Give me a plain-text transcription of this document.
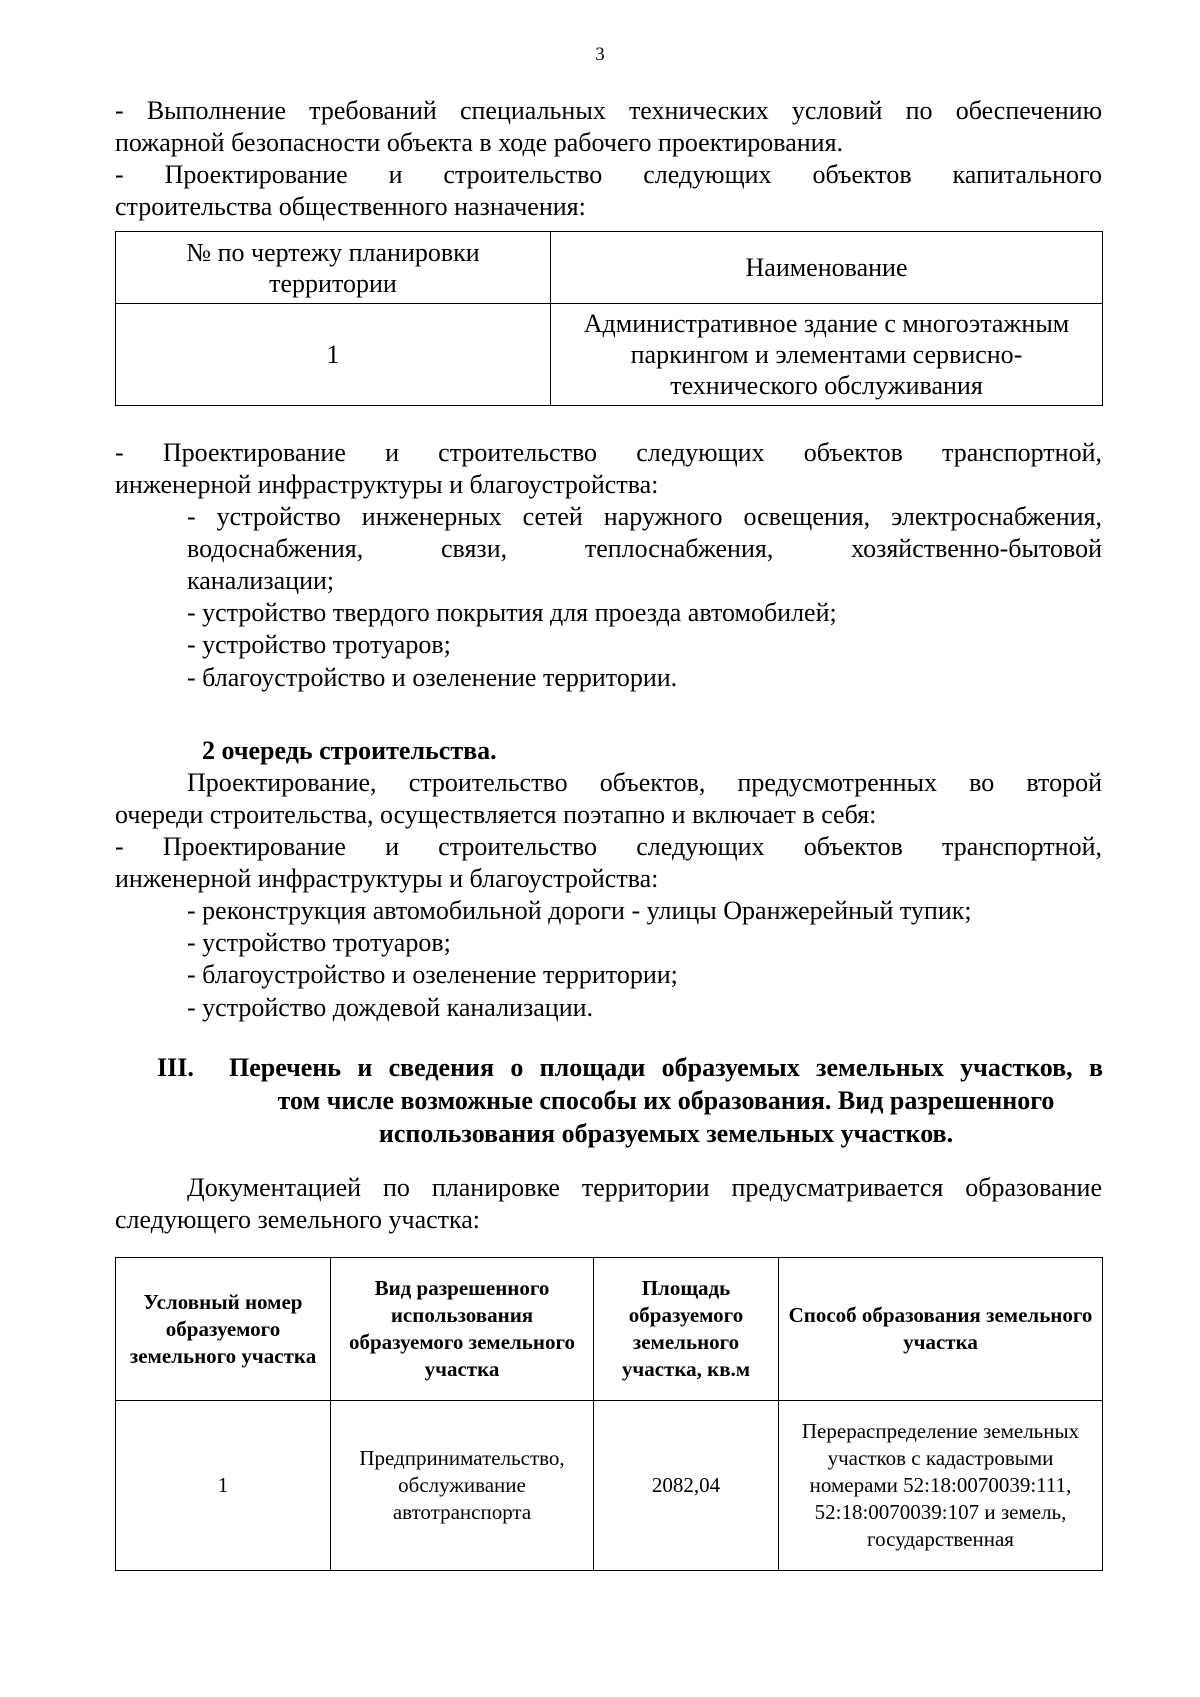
3
- Выполнение требований специальных технических условий по обеспечению
пожарной безопасности объекта в ходе рабочего проектирования.
- Проектирование и строительство следующих объектов капитального
строительства общественного назначения:
№ по чертежу планировки территории	Наименование
1	Административное здание с многоэтажным паркингом и элементами сервисно-технического обслуживания
- Проектирование и строительство следующих объектов транспортной,
инженерной инфраструктуры и благоустройства:
- устройство инженерных сетей наружного освещения, электроснабжения,
водоснабжения, связи, теплоснабжения, хозяйственно-бытовой
канализации;
- устройство твердого покрытия для проезда автомобилей;
- устройство тротуаров;
- благоустройство и озеленение территории.
2 очередь строительства.
Проектирование, строительство объектов, предусмотренных во второй
очереди строительства, осуществляется поэтапно и включает в себя:
- Проектирование и строительство следующих объектов транспортной,
инженерной инфраструктуры и благоустройства:
- реконструкция автомобильной дороги - улицы Оранжерейный тупик;
- устройство тротуаров;
- благоустройство и озеленение территории;
- устройство дождевой канализации.
III. Перечень и сведения о площади образуемых земельных участков, в
том числе возможные способы их образования. Вид разрешенного
использования образуемых земельных участков.
Документацией по планировке территории предусматривается образование
следующего земельного участка:
Условный номер образуемого земельного участка	Вид разрешенного использования образуемого земельного участка	Площадь образуемого земельного участка, кв.м	Способ образования земельного участка
1	Предпринимательство, обслуживание автотранспорта	2082,04	Перераспределение земельных участков с кадастровыми номерами 52:18:0070039:111, 52:18:0070039:107 и земель, государственная
